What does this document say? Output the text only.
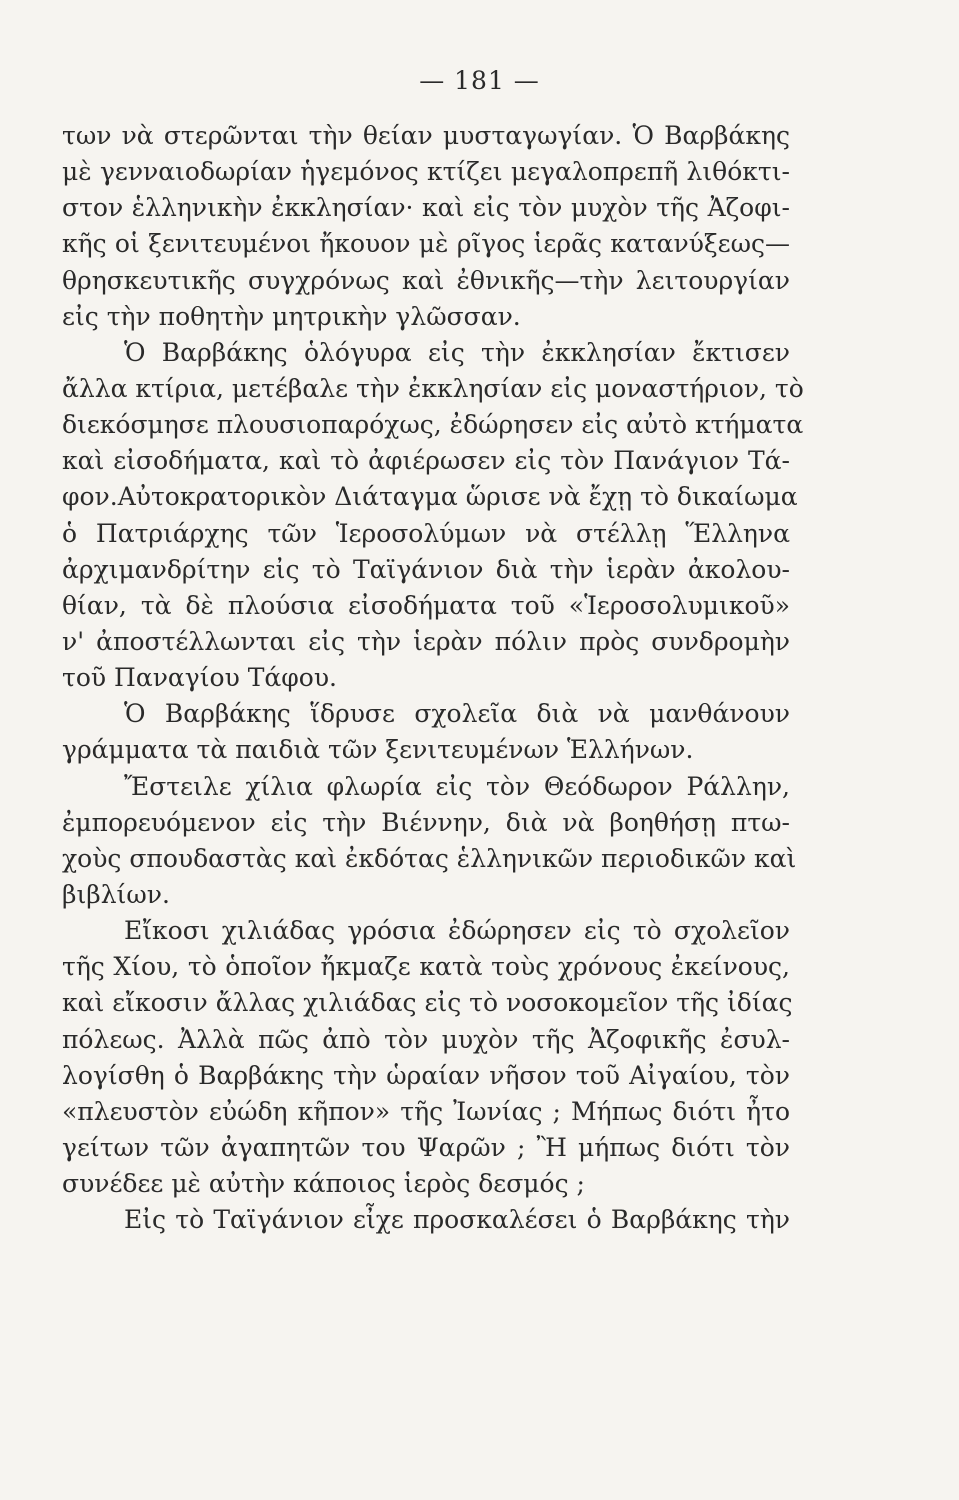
— 181 —
των νὰ στερῶνται τὴν θείαν μυσταγωγίαν. Ὁ Βαρβάκης
μὲ γενναιοδωρίαν ἡγεμόνος κτίζει μεγαλοπρεπῆ λιθόκτι-
στον ἑλληνικὴν ἐκκλησίαν· καὶ εἰς τὸν μυχὸν τῆς Ἀζοφι-
κῆς οἱ ξενιτευμένοι ἤκουον μὲ ρῖγος ἱερᾶς κατανύξεως—
θρησκευτικῆς συγχρόνως καὶ ἐθνικῆς—τὴν λειτουργίαν
εἰς τὴν ποθητὴν μητρικὴν γλῶσσαν.
Ὁ Βαρβάκης ὁλόγυρα εἰς τὴν ἐκκλησίαν ἔκτισεν
ἄλλα κτίρια, μετέβαλε τὴν ἐκκλησίαν εἰς μοναστήριον, τὸ
διεκόσμησε πλουσιοπαρόχως, ἐδώρησεν εἰς αὐτὸ κτήματα
καὶ εἰσοδήματα, καὶ τὸ ἀφιέρωσεν εἰς τὸν Πανάγιον Τά-
φον.Αὐτοκρατορικὸν Διάταγμα ὥρισε νὰ ἔχῃ τὸ δικαίωμα
ὁ Πατριάρχης τῶν Ἱεροσολύμων νὰ στέλλῃ Ἕλληνα
ἀρχιμανδρίτην εἰς τὸ Ταϊγάνιον διὰ τὴν ἱερὰν ἀκολου-
θίαν, τὰ δὲ πλούσια εἰσοδήματα τοῦ «Ἱεροσολυμικοῦ»
ν' ἀποστέλλωνται εἰς τὴν ἱερὰν πόλιν πρὸς συνδρομὴν
τοῦ Παναγίου Τάφου.
Ὁ Βαρβάκης ἵδρυσε σχολεῖα διὰ νὰ μανθάνουν
γράμματα τὰ παιδιὰ τῶν ξενιτευμένων Ἑλλήνων.
Ἔστειλε χίλια φλωρία εἰς τὸν Θεόδωρον Ράλλην,
ἐμπορευόμενον εἰς τὴν Βιέννην, διὰ νὰ βοηθήσῃ πτω-
χοὺς σπουδαστὰς καὶ ἐκδότας ἑλληνικῶν περιοδικῶν καὶ
βιβλίων.
Εἴκοσι χιλιάδας γρόσια ἐδώρησεν εἰς τὸ σχολεῖον
τῆς Χίου, τὸ ὁποῖον ἤκμαζε κατὰ τοὺς χρόνους ἐκείνους,
καὶ εἴκοσιν ἄλλας χιλιάδας εἰς τὸ νοσοκομεῖον τῆς ἰδίας
πόλεως. Ἀλλὰ πῶς ἀπὸ τὸν μυχὸν τῆς Ἀζοφικῆς ἐσυλ-
λογίσθη ὁ Βαρβάκης τὴν ὡραίαν νῆσον τοῦ Αἰγαίου, τὸν
«πλευστὸν εὐώδη κῆπον» τῆς Ἰωνίας ; Μήπως διότι ἦτο
γείτων τῶν ἀγαπητῶν του Ψαρῶν ; Ἢ μήπως διότι τὸν
συνέδεε μὲ αὐτὴν κάποιος ἱερὸς δεσμός ;
Εἰς τὸ Ταϊγάνιον εἶχε προσκαλέσει ὁ Βαρβάκης τὴν
